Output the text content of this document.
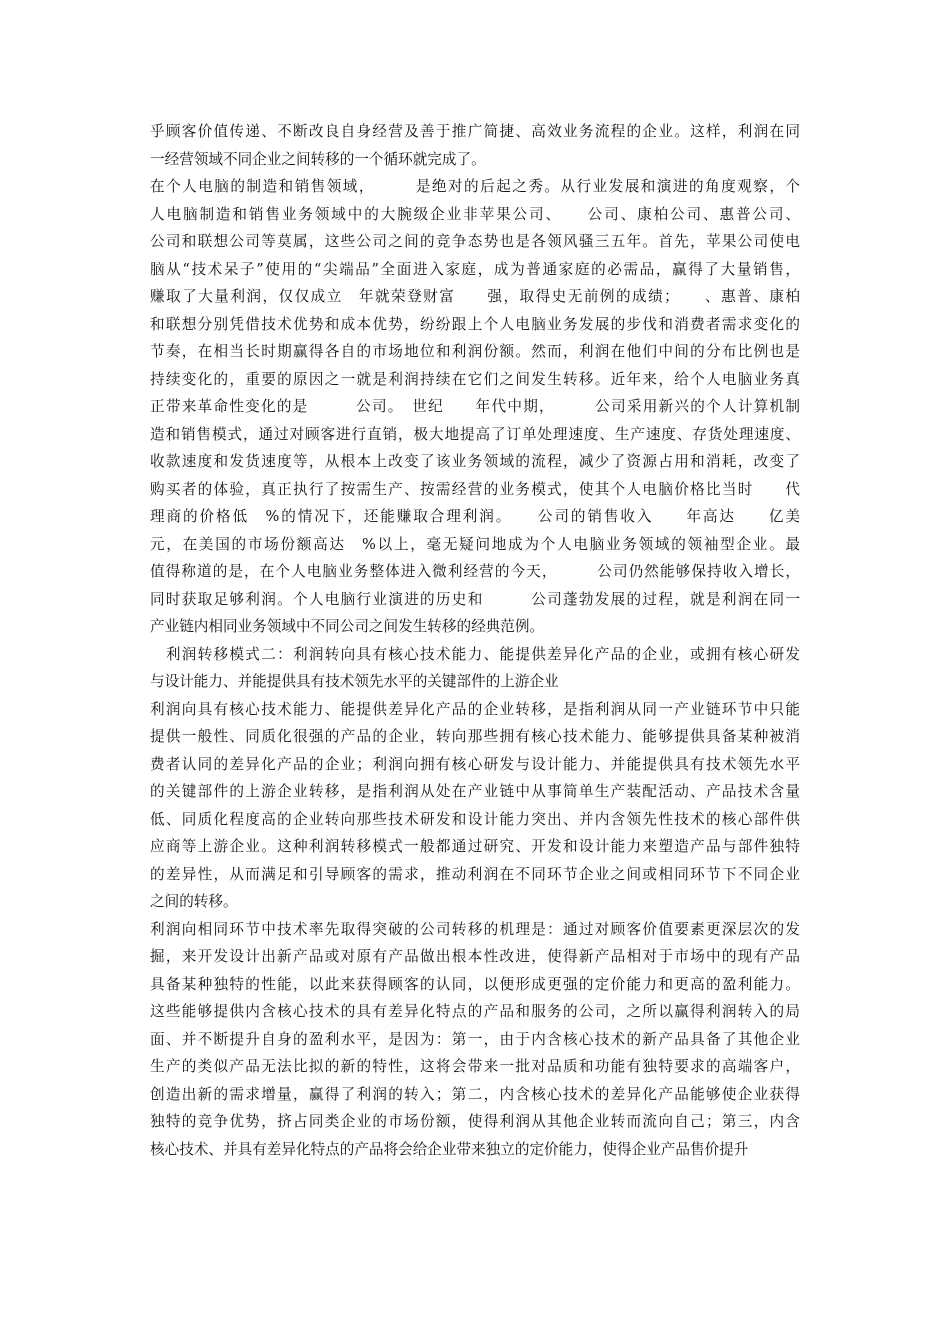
乎顾客价值传递、不断改良自身经营及善于推广简捷、高效业务流程的企业。这样，利润在同
一经营领域不同企业之间转移的一个循环就完成了。
在个人电脑的制造和销售领域，　　　是绝对的后起之秀。从行业发展和演进的角度观察，个
人电脑制造和销售业务领域中的大腕级企业非苹果公司、　　公司、康柏公司、惠普公司、
公司和联想公司等莫属，这些公司之间的竞争态势也是各领风骚三五年。首先，苹果公司使电
脑从“技术呆子”使用的“尖端品”全面进入家庭，成为普通家庭的必需品，赢得了大量销售，
赚取了大量利润，仅仅成立　年就荣登财富　　强，取得史无前例的成绩；　　、惠普、康柏
和联想分别凭借技术优势和成本优势，纷纷跟上个人电脑业务发展的步伐和消费者需求变化的
节奏，在相当长时期赢得各自的市场地位和利润份额。然而，利润在他们中间的分布比例也是
持续变化的，重要的原因之一就是利润持续在它们之间发生转移。近年来，给个人电脑业务真
正带来革命性变化的是　　　公司。　世纪　　年代中期，　　　公司采用新兴的个人计算机制
造和销售模式，通过对顾客进行直销，极大地提高了订单处理速度、生产速度、存货处理速度、
收款速度和发货速度等，从根本上改变了该业务领域的流程，减少了资源占用和消耗，改变了
购买者的体验，真正执行了按需生产、按需经营的业务模式，使其个人电脑价格比当时　　代
理商的价格低　%的情况下，还能赚取合理利润。　　公司的销售收入　　年高达　　亿美
元，在美国的市场份额高达　%以上，毫无疑问地成为个人电脑业务领域的领袖型企业。最
值得称道的是，在个人电脑业务整体进入微利经营的今天，　　　公司仍然能够保持收入增长，
同时获取足够利润。个人电脑行业演进的历史和　　　公司蓬勃发展的过程，就是利润在同一
产业链内相同业务领域中不同公司之间发生转移的经典范例。
　利润转移模式二：利润转向具有核心技术能力、能提供差异化产品的企业，或拥有核心研发
与设计能力、并能提供具有技术领先水平的关键部件的上游企业
利润向具有核心技术能力、能提供差异化产品的企业转移，是指利润从同一产业链环节中只能
提供一般性、同质化很强的产品的企业，转向那些拥有核心技术能力、能够提供具备某种被消
费者认同的差异化产品的企业；利润向拥有核心研发与设计能力、并能提供具有技术领先水平
的关键部件的上游企业转移，是指利润从处在产业链中从事简单生产装配活动、产品技术含量
低、同质化程度高的企业转向那些技术研发和设计能力突出、并内含领先性技术的核心部件供
应商等上游企业。这种利润转移模式一般都通过研究、开发和设计能力来塑造产品与部件独特
的差异性，从而满足和引导顾客的需求，推动利润在不同环节企业之间或相同环节下不同企业
之间的转移。
利润向相同环节中技术率先取得突破的公司转移的机理是：通过对顾客价值要素更深层次的发
掘，来开发设计出新产品或对原有产品做出根本性改进，使得新产品相对于市场中的现有产品
具备某种独特的性能，以此来获得顾客的认同，以便形成更强的定价能力和更高的盈利能力。
这些能够提供内含核心技术的具有差异化特点的产品和服务的公司，之所以赢得利润转入的局
面、并不断提升自身的盈利水平，是因为：第一，由于内含核心技术的新产品具备了其他企业
生产的类似产品无法比拟的新的特性，这将会带来一批对品质和功能有独特要求的高端客户，
创造出新的需求增量，赢得了利润的转入；第二，内含核心技术的差异化产品能够使企业获得
独特的竞争优势，挤占同类企业的市场份额，使得利润从其他企业转而流向自己；第三，内含
核心技术、并具有差异化特点的产品将会给企业带来独立的定价能力，使得企业产品售价提升
